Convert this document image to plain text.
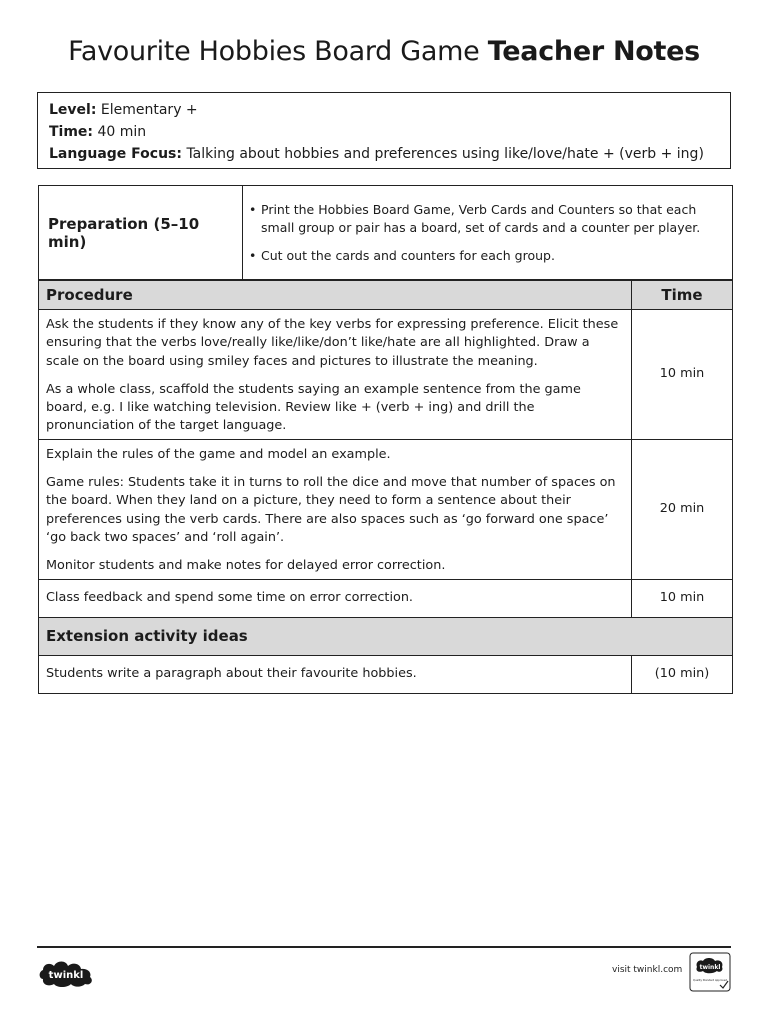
Favourite Hobbies Board Game Teacher Notes
Level: Elementary +
Time: 40 min
Language Focus: Talking about hobbies and preferences using like/love/hate + (verb + ing)
Preparation (5–10 min)
• Print the Hobbies Board Game, Verb Cards and Counters so that each small group or pair has a board, set of cards and a counter per player.
• Cut out the cards and counters for each group.
Procedure	Time

Ask the students if they know any of the key verbs for expressing preference. Elicit these ensuring that the verbs love/really like/like/don’t like/hate are all highlighted. Draw a scale on the board using smiley faces and pictures to illustrate the meaning.

As a whole class, scaffold the students saying an example sentence from the game board, e.g. I like watching television. Review like + (verb + ing) and drill the pronunciation of the target language.	10 min

Explain the rules of the game and model an example.

Game rules: Students take it in turns to roll the dice and move that number of spaces on the board. When they land on a picture, they need to form a sentence about their preferences using the verb cards. There are also spaces such as ‘go forward one space’ ‘go back two spaces’ and ‘roll again’.

Monitor students and make notes for delayed error correction.	20 min

Class feedback and spend some time on error correction.	10 min
Extension activity ideas	
Students write a paragraph about their favourite hobbies.	(10 min)
twinkl	visit twinkl.com	twinkl
Quality Standard Approved
